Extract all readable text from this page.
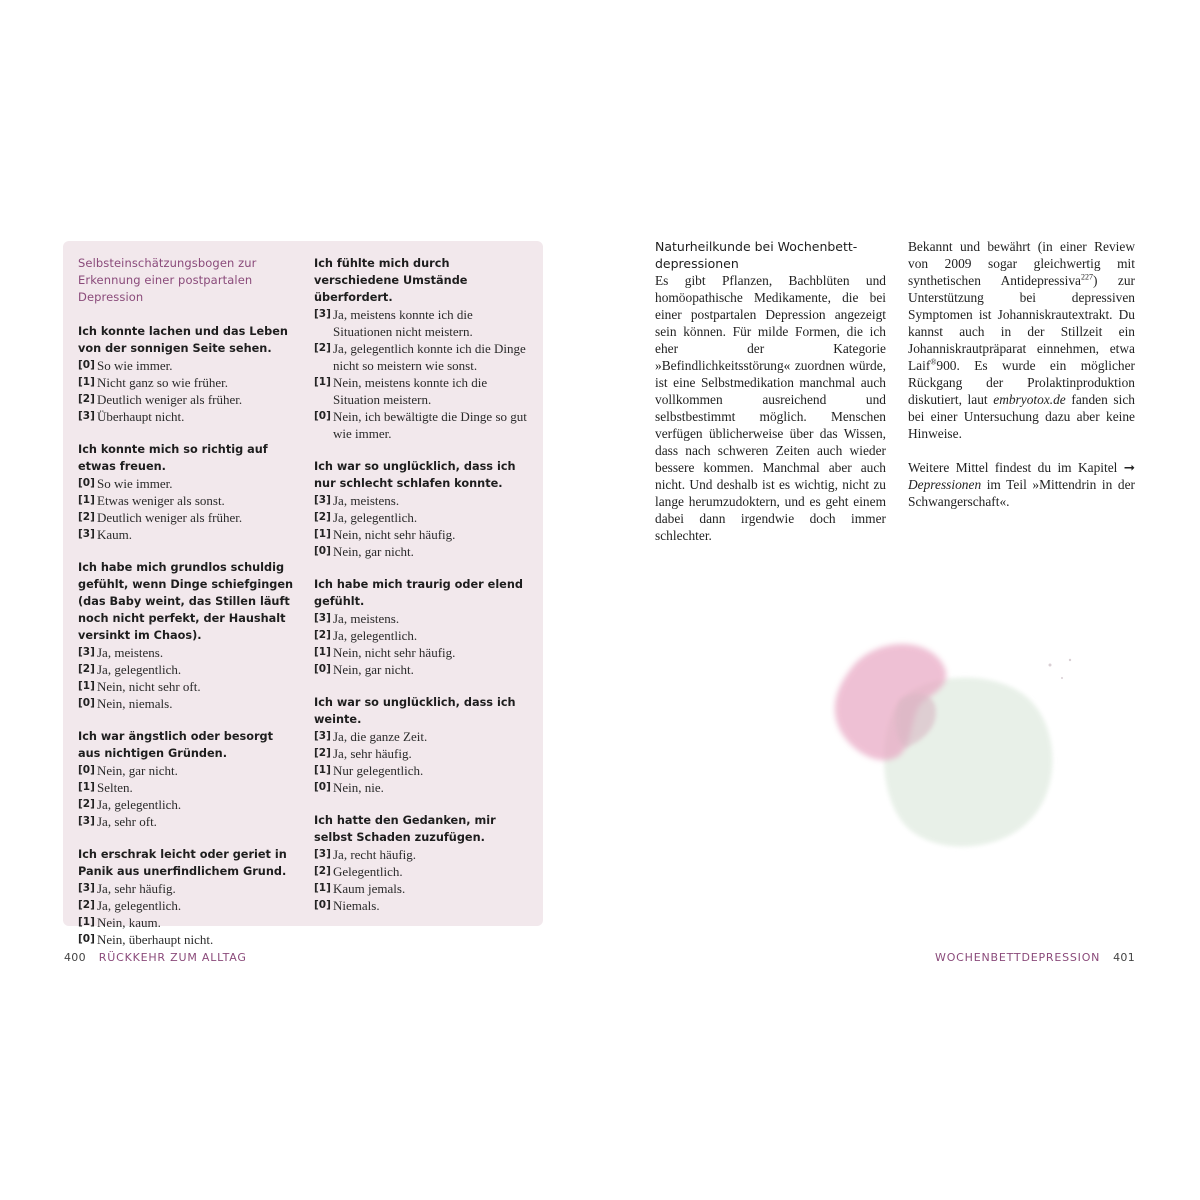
Selbsteinschätzungsbogen zur Erkennung einer postpartalen Depression

Ich konnte lachen und das Leben von der sonnigen Seite sehen.

[0] So wie immer.
[1] Nicht ganz so wie früher.
[2] Deutlich weniger als früher.
[3] Überhaupt nicht.

Ich konnte mich so richtig auf etwas freuen.

[0] So wie immer.
[1] Etwas weniger als sonst.
[2] Deutlich weniger als früher.
[3] Kaum.

Ich habe mich grundlos schuldig gefühlt, wenn Dinge schiefgingen (das Baby weint, das Stillen läuft noch nicht perfekt, der Haushalt versinkt im Chaos).

[3] Ja, meistens.
[2] Ja, gelegentlich.
[1] Nein, nicht sehr oft.
[0] Nein, niemals.

Ich war ängstlich oder besorgt aus nichtigen Gründen.

[0] Nein, gar nicht.
[1] Selten.
[2] Ja, gelegentlich.
[3] Ja, sehr oft.

Ich erschrak leicht oder geriet in Panik aus unerfindlichem Grund.

[3] Ja, sehr häufig.
[2] Ja, gelegentlich.
[1] Nein, kaum.
[0] Nein, überhaupt nicht.

Ich fühlte mich durch verschiedene Umstände überfordert.

[3] Ja, meistens konnte ich die Situationen nicht meistern.
[2] Ja, gelegentlich konnte ich die Dinge nicht so meistern wie sonst.
[1] Nein, meistens konnte ich die Situation meistern.
[0] Nein, ich bewältigte die Dinge so gut wie immer.

Ich war so unglücklich, dass ich nur schlecht schlafen konnte.

[3] Ja, meistens.
[2] Ja, gelegentlich.
[1] Nein, nicht sehr häufig.
[0] Nein, gar nicht.

Ich habe mich traurig oder elend gefühlt.

[3] Ja, meistens.
[2] Ja, gelegentlich.
[1] Nein, nicht sehr häufig.
[0] Nein, gar nicht.

Ich war so unglücklich, dass ich weinte.

[3] Ja, die ganze Zeit.
[2] Ja, sehr häufig.
[1] Nur gelegentlich.
[0] Nein, nie.

Ich hatte den Gedanken, mir selbst Schaden zuzufügen.

[3] Ja, recht häufig.
[2] Gelegentlich.
[1] Kaum jemals.
[0] Niemals.

Naturheilkunde bei Wochenbettdepressionen

Es gibt Pflanzen, Bachblüten und homöopathische Medikamente, die bei einer postpartalen Depression angezeigt sein können. Für milde Formen, die ich eher der Kategorie »Befindlichkeitsstörung« zuordnen würde, ist eine Selbstmedikation manchmal auch vollkommen ausreichend und selbstbestimmt möglich. Menschen verfügen üblicherweise über das Wissen, dass nach schweren Zeiten auch wieder bessere kommen. Manchmal aber auch nicht. Und deshalb ist es wichtig, nicht zu lange herumzudoktern, und es geht einem dabei dann irgendwie doch immer schlechter.

Bekannt und bewährt (in einer Review von 2009 sogar gleichwertig mit synthetischen Antidepressiva$^{227}$) zur Unterstützung bei depressiven Symptomen ist Johanniskrautextrakt. Du kannst auch in der Stillzeit ein Johanniskrautpräparat einnehmen, etwa Laif®900. Es wurde ein möglicher Rückgang der Prolaktinproduktion diskutiert, laut embryotox.de fanden sich bei einer Untersuchung dazu aber keine Hinweise.

Weitere Mittel findest du im Kapitel ➞ Depressionen im Teil »Mittendrin in der Schwangerschaft«.

400 RÜCKKEHR ZUM ALLTAG	WOCHENBETTDEPRESSION 401
